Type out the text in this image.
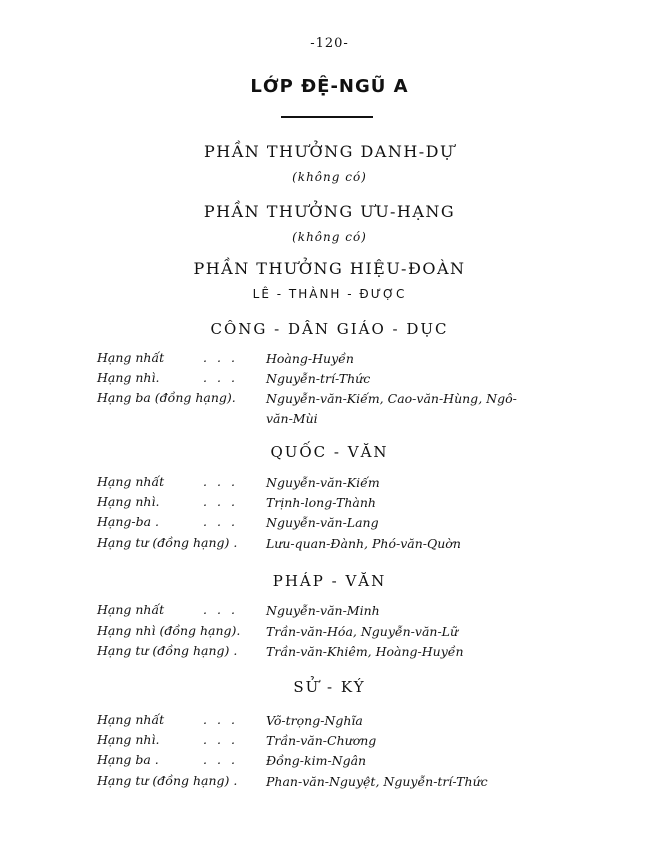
-120-
LỚP ĐỆ-NGŨ A
PHẦN THƯỞNG DANH-DỰ
(không có)
PHẦN THƯỞNG ƯU-HẠNG
(không có)
PHẦN THƯỞNG HIỆU-ĐOÀN
LÊ - THÀNH - ĐƯỢC
CÔNG - DÂN GIÁO - DỤC
Hạng nhất	... Hoàng-Huyền
Hạng nhì.	... Nguyễn-trí-Thức
Hạng ba (đồng hạng). Nguyễn-văn-Kiếm, Cao-văn-Hùng, Ngô-
văn-Mùi
QUỐC - VĂN
Hạng nhất	... Nguyễn-văn-Kiếm
Hạng nhì.	... Trịnh-long-Thành
Hạng-ba .	... Nguyễn-văn-Lang
Hạng tư (đồng hạng) . Lưu-quan-Đành, Phó-văn-Quờn
PHÁP - VĂN
Hạng nhất	... Nguyễn-văn-Minh
Hạng nhì (đồng hạng). Trần-văn-Hóa, Nguyễn-văn-Lữ
Hạng tư (đồng hạng) . Trần-văn-Khiêm, Hoàng-Huyền
SỬ - KÝ
Hạng nhất	... Võ-trọng-Nghĩa
Hạng nhì.	... Trần-văn-Chương
Hạng ba .	... Đồng-kim-Ngân
Hạng tư (đồng hạng) . Phan-văn-Nguyệt, Nguyễn-trí-Thức
